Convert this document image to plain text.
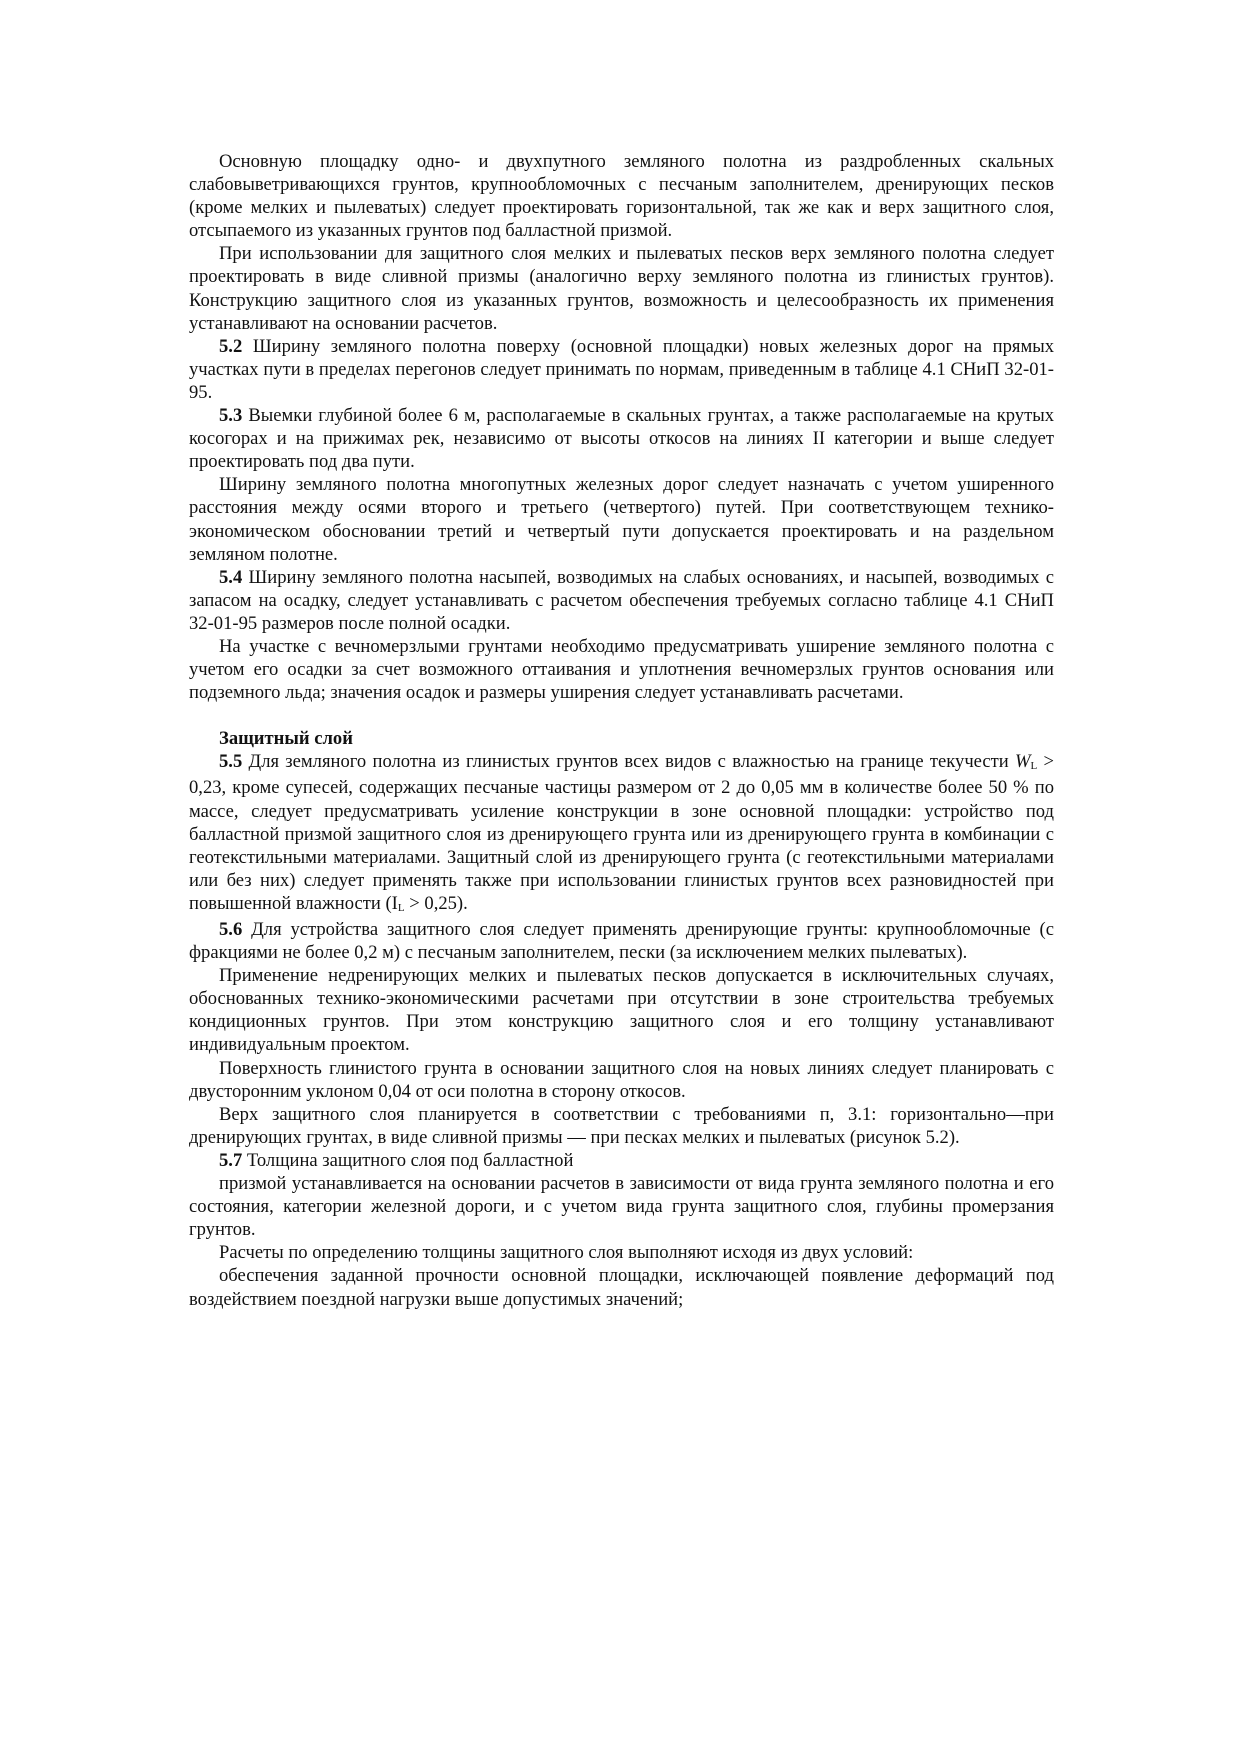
Основную площадку одно- и двухпутного земляного полотна из раздробленных скальных слабовыветривающихся грунтов, крупнообломочных с песчаным заполнителем, дренирующих песков (кроме мелких и пылеватых) следует проектировать горизонтальной, так же как и верх защитного слоя, отсыпаемого из указанных грунтов под балластной призмой.

При использовании для защитного слоя мелких и пылеватых песков верх земляного полотна следует проектировать в виде сливной призмы (аналогично верху земляного полотна из глинистых грунтов). Конструкцию защитного слоя из указанных грунтов, возможность и целесообразность их применения устанавливают на основании расчетов.

5.2 Ширину земляного полотна поверху (основной площадки) новых железных дорог на прямых участках пути в пределах перегонов следует принимать по нормам, приведенным в таблице 4.1 СНиП 32-01-95.

5.3 Выемки глубиной более 6 м, располагаемые в скальных грунтах, а также располагаемые на крутых косогорах и на прижимах рек, независимо от высоты откосов на линиях II категории и выше следует проектировать под два пути.

Ширину земляного полотна многопутных железных дорог следует назначать с учетом уширенного расстояния между осями второго и третьего (четвертого) путей. При соответствующем технико-экономическом обосновании третий и четвертый пути допускается проектировать и на раздельном земляном полотне.

5.4 Ширину земляного полотна насыпей, возводимых на слабых основаниях, и насыпей, возводимых с запасом на осадку, следует устанавливать с расчетом обеспечения требуемых согласно таблице 4.1 СНиП 32-01-95 размеров после полной осадки.

На участке с вечномерзлыми грунтами необходимо предусматривать уширение земляного полотна с учетом его осадки за счет возможного оттаивания и уплотнения вечномерзлых грунтов основания или подземного льда; значения осадок и размеры уширения следует устанавливать расчетами.

Защитный слой

5.5 Для земляного полотна из глинистых грунтов всех видов с влажностью на границе текучести $W_L > 0,23$, кроме супесей, содержащих песчаные частицы размером от 2 до 0,05 мм в количестве более 50 % по массе, следует предусматривать усиление конструкции в зоне основной площадки: устройство под балластной призмой защитного слоя из дренирующего грунта или из дренирующего грунта в комбинации с геотекстильными материалами. Защитный слой из дренирующего грунта (с геотекстильными материалами или без них) следует применять также при использовании глинистых грунтов всех разновидностей при повышенной влажности $(I_L > 0,25)$.

5.6 Для устройства защитного слоя следует применять дренирующие грунты: крупнообломочные (с фракциями не более 0,2 м) с песчаным заполнителем, пески (за исключением мелких пылеватых).

Применение недренирующих мелких и пылеватых песков допускается в исключительных случаях, обоснованных технико-экономическими расчетами при отсутствии в зоне строительства требуемых кондиционных грунтов. При этом конструкцию защитного слоя и его толщину устанавливают индивидуальным проектом.

Поверхность глинистого грунта в основании защитного слоя на новых линиях следует планировать с двусторонним уклоном 0,04 от оси полотна в сторону откосов.

Верх защитного слоя планируется в соответствии с требованиями п, 3.1: горизонтально—при дренирующих грунтах, в виде сливной призмы — при песках мелких и пылеватых (рисунок 5.2).

5.7 Толщина защитного слоя под балластной

призмой устанавливается на основании расчетов в зависимости от вида грунта земляного полотна и его состояния, категории железной дороги, и с учетом вида грунта защитного слоя, глубины промерзания грунтов.

Расчеты по определению толщины защитного слоя выполняют исходя из двух условий:

обеспечения заданной прочности основной площадки, исключающей появление деформаций под воздействием поездной нагрузки выше допустимых значений;
